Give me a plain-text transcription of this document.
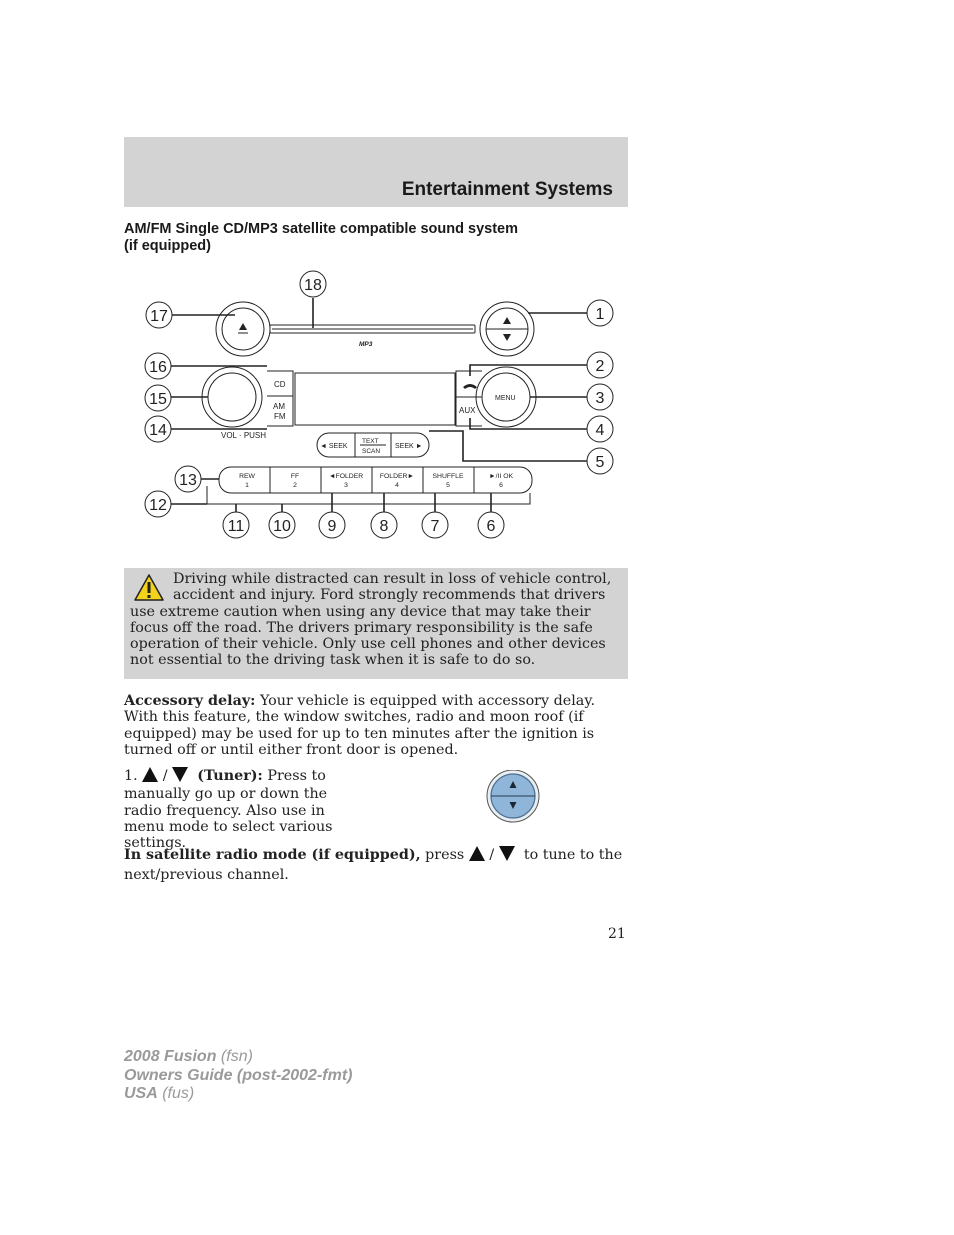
Entertainment Systems
AM/FM Single CD/MP3 satellite compatible sound system
(if equipped)
CD
AM
FM
AUX
MENU
VOL · PUSH
MP3
◄ SEEK
TEXT
SCAN
SEEK ►
REW
1
FF
2
◄FOLDER
3
FOLDER►
4
SHUFFLE
5
►/II OK
6
17
18
1
2
3
4
5
16
15
14
13
12
11 10 9	8	7	6

Driving while distracted can result in loss of vehicle control,

accident and injury. Ford strongly recommends that drivers use extreme caution when using any device that may take their focus off the road. The drivers primary responsibility is the safe operation of their vehicle. Only use cell phones and other devices not essential to the driving task when it is safe to do so.

Accessory delay: Your vehicle is equipped with accessory delay. With this feature, the window switches, radio and moon roof (if equipped) may be used for up to ten minutes after the ignition is turned off or until either front door is opened.

1. / (Tuner): Press to
manually go up or down the radio frequency. Also use in menu mode to select various settings.

In satellite radio mode (if equipped), press / to tune to the next/previous channel.

21
2008 Fusion (fsn)
Owners Guide (post-2002-fmt)
USA (fus)
